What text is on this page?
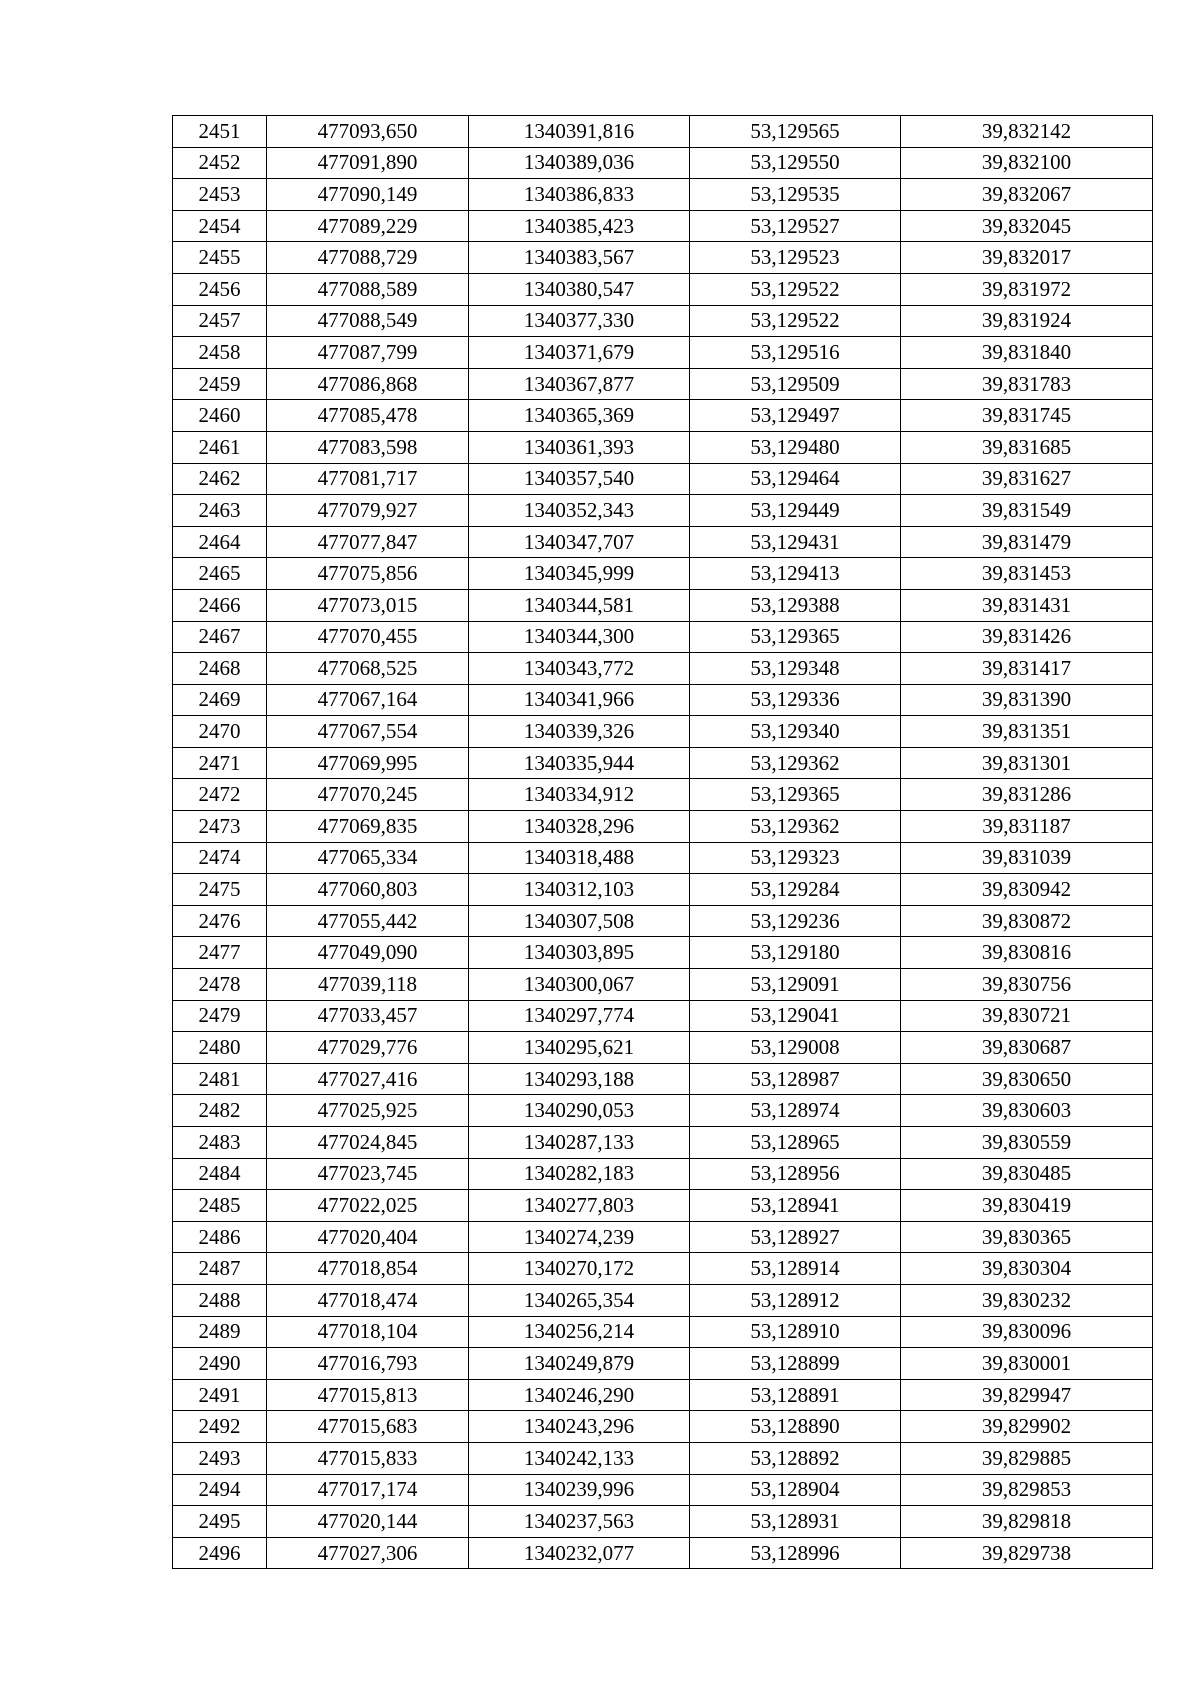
2451	477093,650	1340391,816	53,129565	39,832142
2452	477091,890	1340389,036	53,129550	39,832100
2453	477090,149	1340386,833	53,129535	39,832067
2454	477089,229	1340385,423	53,129527	39,832045
2455	477088,729	1340383,567	53,129523	39,832017
2456	477088,589	1340380,547	53,129522	39,831972
2457	477088,549	1340377,330	53,129522	39,831924
2458	477087,799	1340371,679	53,129516	39,831840
2459	477086,868	1340367,877	53,129509	39,831783
2460	477085,478	1340365,369	53,129497	39,831745
2461	477083,598	1340361,393	53,129480	39,831685
2462	477081,717	1340357,540	53,129464	39,831627
2463	477079,927	1340352,343	53,129449	39,831549
2464	477077,847	1340347,707	53,129431	39,831479
2465	477075,856	1340345,999	53,129413	39,831453
2466	477073,015	1340344,581	53,129388	39,831431
2467	477070,455	1340344,300	53,129365	39,831426
2468	477068,525	1340343,772	53,129348	39,831417
2469	477067,164	1340341,966	53,129336	39,831390
2470	477067,554	1340339,326	53,129340	39,831351
2471	477069,995	1340335,944	53,129362	39,831301
2472	477070,245	1340334,912	53,129365	39,831286
2473	477069,835	1340328,296	53,129362	39,831187
2474	477065,334	1340318,488	53,129323	39,831039
2475	477060,803	1340312,103	53,129284	39,830942
2476	477055,442	1340307,508	53,129236	39,830872
2477	477049,090	1340303,895	53,129180	39,830816
2478	477039,118	1340300,067	53,129091	39,830756
2479	477033,457	1340297,774	53,129041	39,830721
2480	477029,776	1340295,621	53,129008	39,830687
2481	477027,416	1340293,188	53,128987	39,830650
2482	477025,925	1340290,053	53,128974	39,830603
2483	477024,845	1340287,133	53,128965	39,830559
2484	477023,745	1340282,183	53,128956	39,830485
2485	477022,025	1340277,803	53,128941	39,830419
2486	477020,404	1340274,239	53,128927	39,830365
2487	477018,854	1340270,172	53,128914	39,830304
2488	477018,474	1340265,354	53,128912	39,830232
2489	477018,104	1340256,214	53,128910	39,830096
2490	477016,793	1340249,879	53,128899	39,830001
2491	477015,813	1340246,290	53,128891	39,829947
2492	477015,683	1340243,296	53,128890	39,829902
2493	477015,833	1340242,133	53,128892	39,829885
2494	477017,174	1340239,996	53,128904	39,829853
2495	477020,144	1340237,563	53,128931	39,829818
2496	477027,306	1340232,077	53,128996	39,829738
